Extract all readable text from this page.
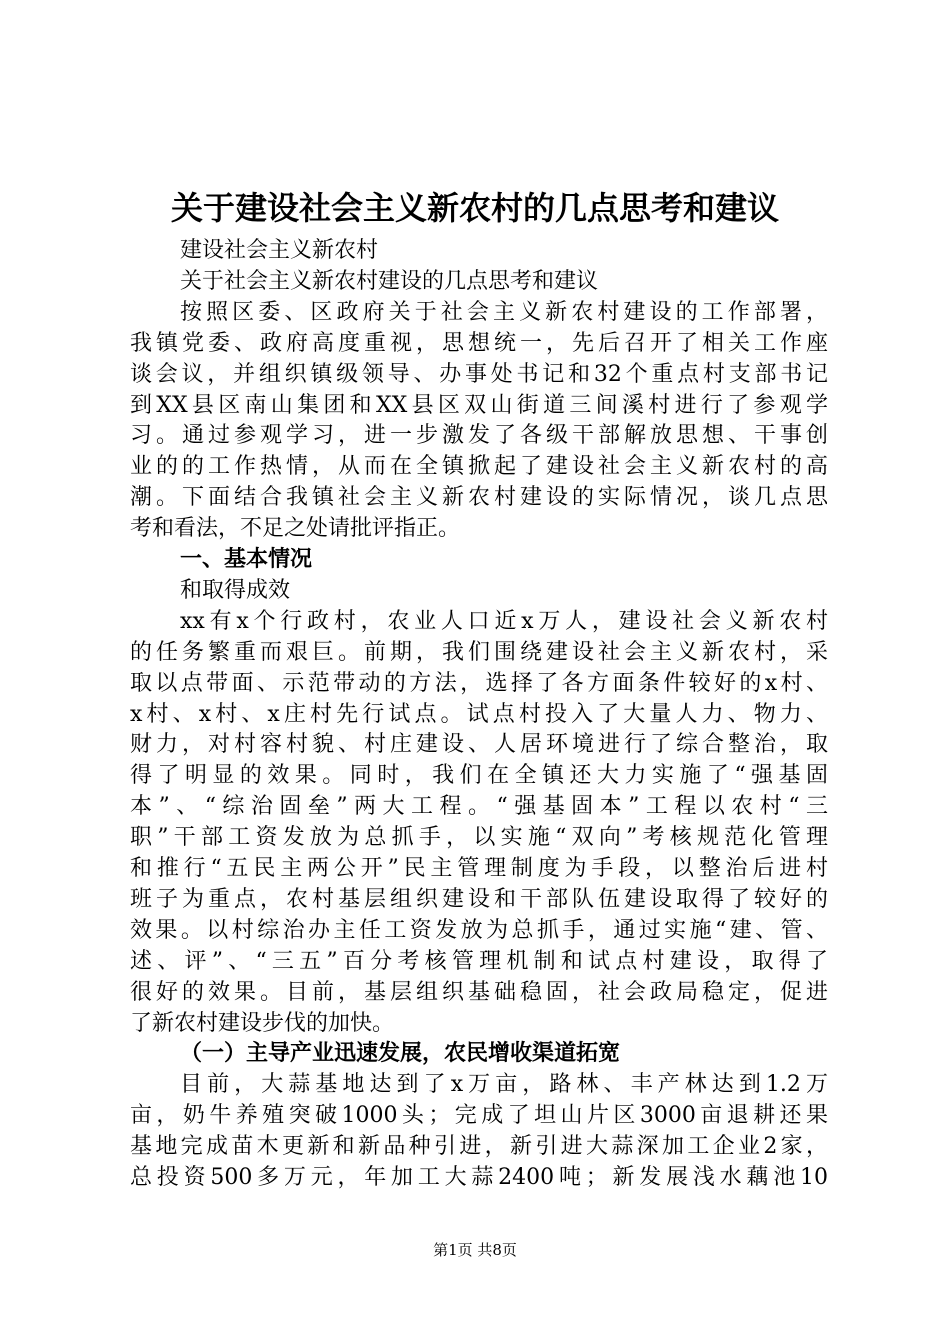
关于建设社会主义新农村的几点思考和建议
建设社会主义新农村
关于社会主义新农村建设的几点思考和建议
按照区委、区政府关于社会主义新农村建设的工作部署，
我镇党委、政府高度重视，思想统一，先后召开了相关工作座
谈会议，并组织镇级领导、办事处书记和32个重点村支部书记
到XX县区南山集团和XX县区双山街道三间溪村进行了参观学
习。通过参观学习，进一步激发了各级干部解放思想、干事创
业的的工作热情，从而在全镇掀起了建设社会主义新农村的高
潮。下面结合我镇社会主义新农村建设的实际情况，谈几点思
考和看法，不足之处请批评指正。
一、基本情况
和取得成效
xx有x个行政村，农业人口近x万人，建设社会义新农村
的任务繁重而艰巨。前期，我们围绕建设社会主义新农村，采
取以点带面、示范带动的方法，选择了各方面条件较好的x村、
x村、x村、x庄村先行试点。试点村投入了大量人力、物力、
财力，对村容村貌、村庄建设、人居环境进行了综合整治，取
得了明显的效果。同时，我们在全镇还大力实施了“强基固
本”、“综治固垒”两大工程。“强基固本”工程以农村“三
职”干部工资发放为总抓手，以实施“双向”考核规范化管理
和推行“五民主两公开”民主管理制度为手段，以整治后进村
班子为重点，农村基层组织建设和干部队伍建设取得了较好的
效果。以村综治办主任工资发放为总抓手，通过实施“建、管、
述、评”、“三五”百分考核管理机制和试点村建设，取得了
很好的效果。目前，基层组织基础稳固，社会政局稳定，促进
了新农村建设步伐的加快。
（一）主导产业迅速发展，农民增收渠道拓宽
目前，大蒜基地达到了x万亩，路林、丰产林达到1.2万
亩，奶牛养殖突破1000头；完成了坦山片区3000亩退耕还果
基地完成苗木更新和新品种引进，新引进大蒜深加工企业2家，
总投资500多万元，年加工大蒜2400吨；新发展浅水藕池10
第1页 共8页
